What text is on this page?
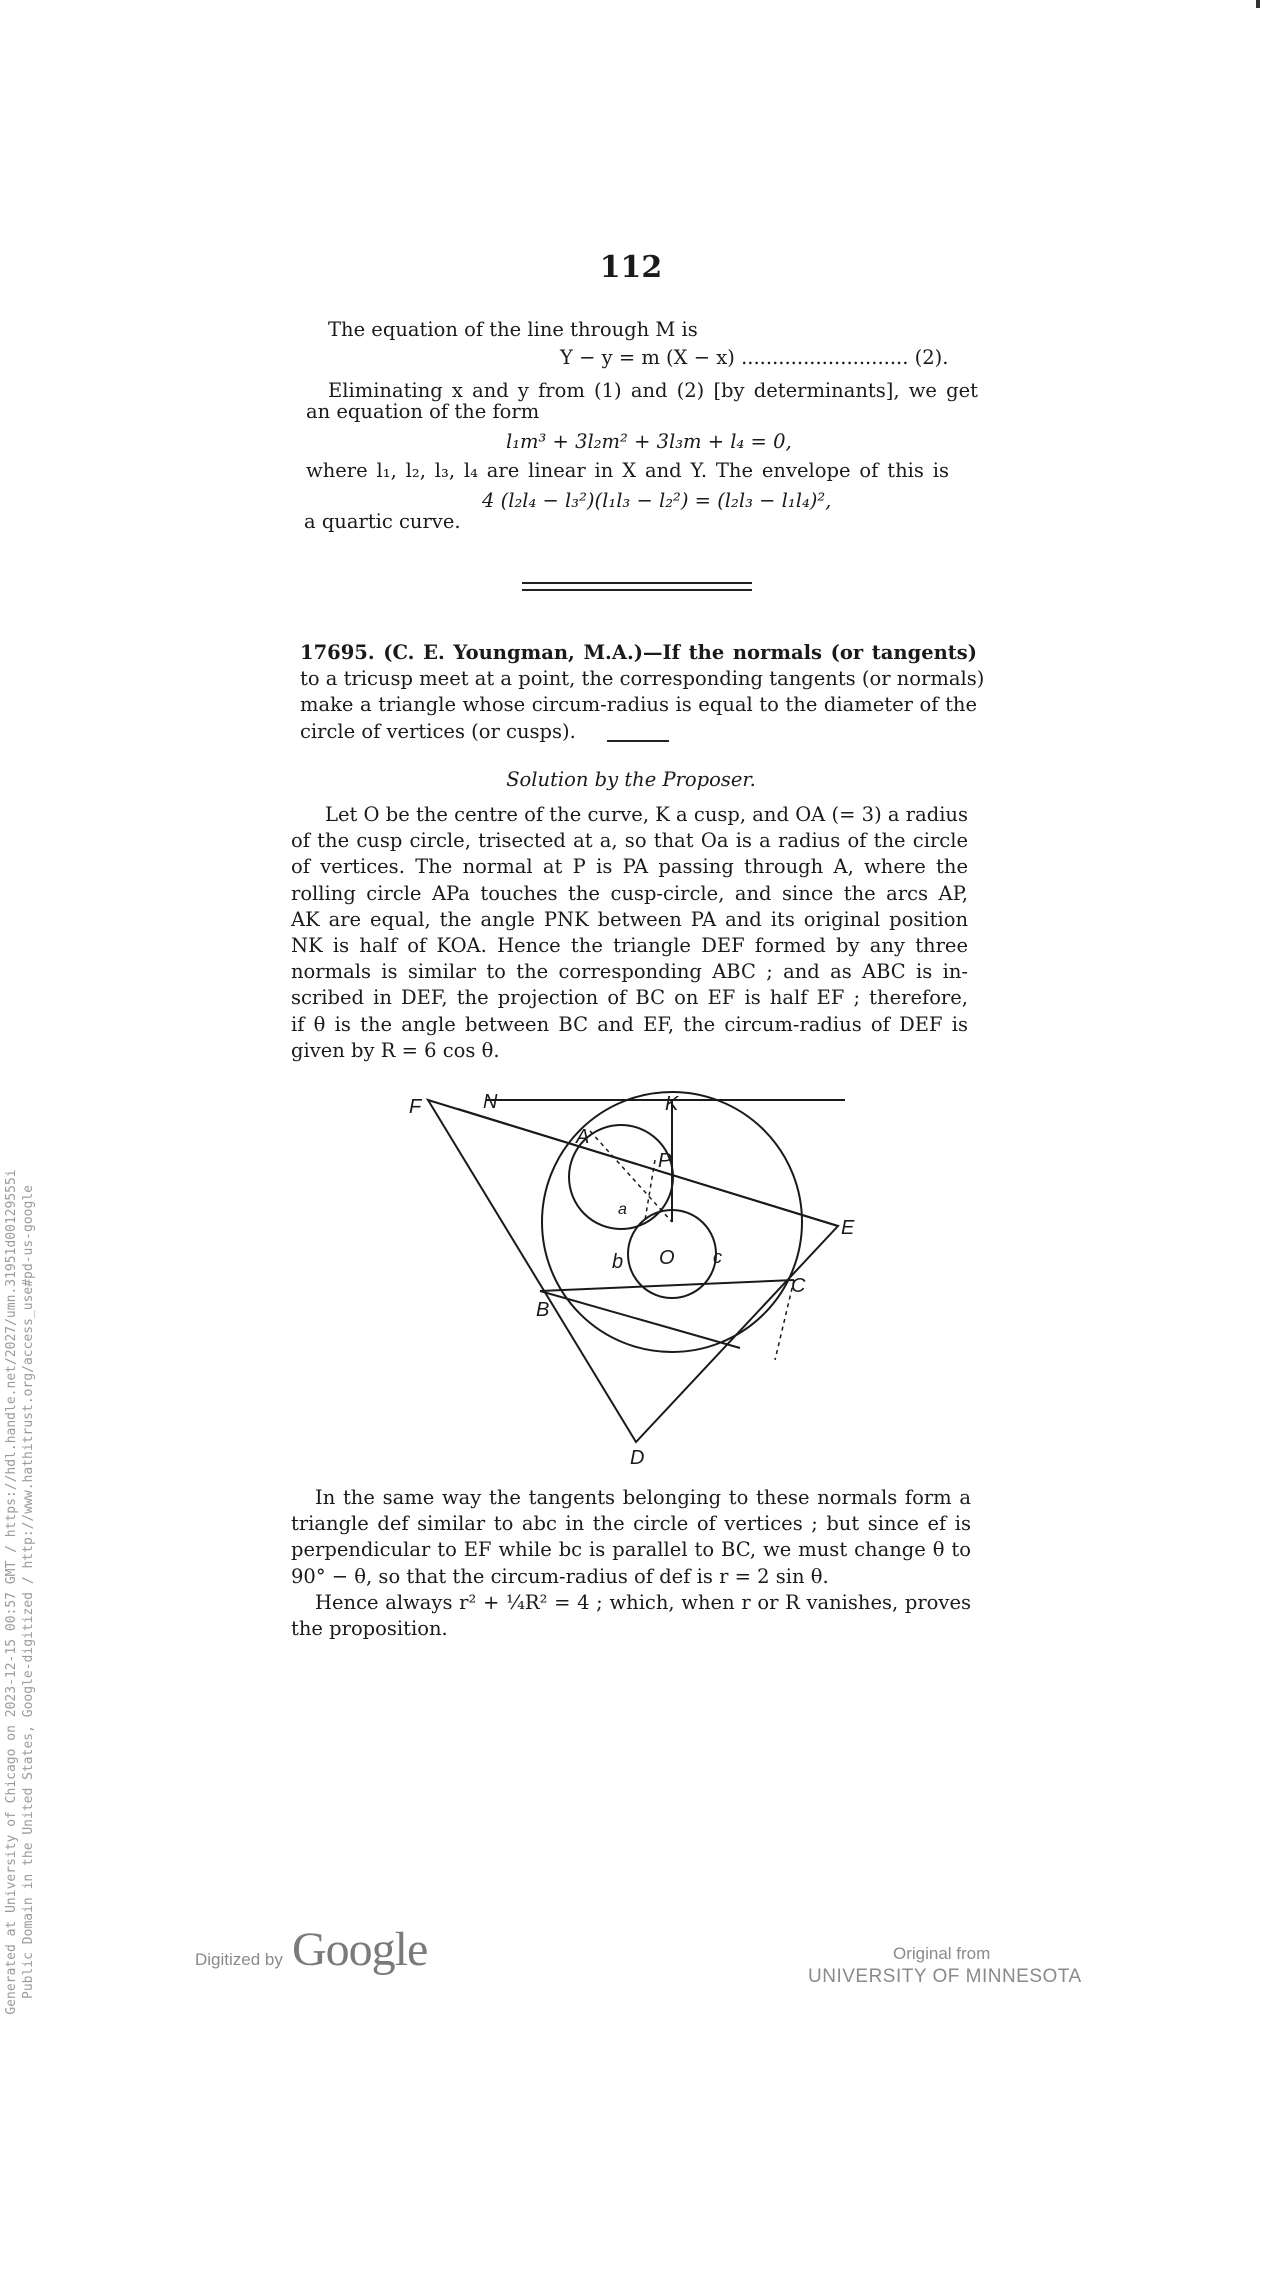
112
The equation of the line through M is
Y − y = m (X − x) ........................... (2).
Eliminating x and y from (1) and (2) [by determinants], we get
an equation of the form
l₁m³ + 3l₂m² + 3l₃m + l₄ = 0,
where l₁, l₂, l₃, l₄ are linear in X and Y. The envelope of this is
4 (l₂l₄ − l₃²)(l₁l₃ − l₂²) = (l₂l₃ − l₁l₄)²,
a quartic curve.
17695. (C. E. Youngman, M.A.)—If the normals (or tangents)
to a tricusp meet at a point, the corresponding tangents (or normals)
make a triangle whose circum-radius is equal to the diameter of the
circle of vertices (or cusps).
Solution by the Proposer.
Let O be the centre of the curve, K a cusp, and OA (= 3) a radius
of the cusp circle, trisected at a, so that Oa is a radius of the circle
of vertices. The normal at P is PA passing through A, where the
rolling circle APa touches the cusp-circle, and since the arcs AP,
AK are equal, the angle PNK between PA and its original position
NK is half of KOA. Hence the triangle DEF formed by any three
normals is similar to the corresponding ABC ; and as ABC is in-
scribed in DEF, the projection of BC on EF is half EF ; therefore,
if θ is the angle between BC and EF, the circum-radius of DEF is
given by R = 6 cos θ.
F	N	K
A
P
a
E
b O c
B
C
D
In the same way the tangents belonging to these normals form a
triangle def similar to abc in the circle of vertices ; but since ef is
perpendicular to EF while bc is parallel to BC, we must change θ to
90° − θ, so that the circum-radius of def is r = 2 sin θ.
Hence always r² + ¼R² = 4 ; which, when r or R vanishes, proves
the proposition.
Generated at University of Chicago on 2023-12-15 00:57 GMT / https://hdl.handle.net/2027/umn.31951d00129555i Public Domain in the United States, Google-digitized / http://www.hathitrust.org/access_use#pd-us-google	Digitized by Google	Original from
UNIVERSITY OF MINNESOTA
